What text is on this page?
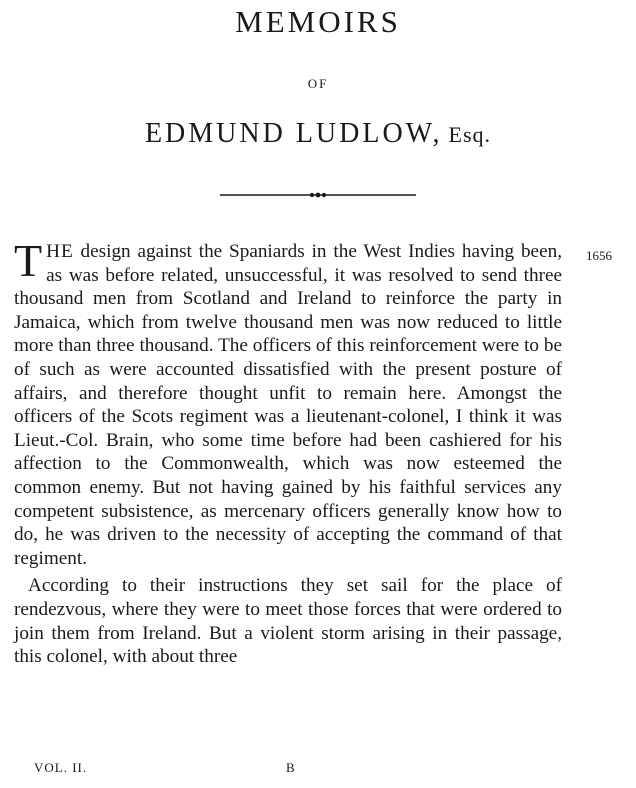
MEMOIRS
OF
EDMUND LUDLOW, Esq.
1656

THE design against the Spaniards in the West Indies having been, as was before related, unsuccessful, it was resolved to send three thousand men from Scotland and Ireland to reinforce the party in Jamaica, which from twelve thousand men was now reduced to little more than three thousand. The officers of this reinforcement were to be of such as were accounted dissatisfied with the present posture of affairs, and therefore thought unfit to remain here. Amongst the officers of the Scots regiment was a lieutenant-colonel, I think it was Lieut.-Col. Brain, who some time before had been cashiered for his affection to the Commonwealth, which was now esteemed the common enemy. But not having gained by his faithful services any competent subsistence, as mercenary officers generally know how to do, he was driven to the necessity of accepting the command of that regiment.

According to their instructions they set sail for the place of rendezvous, where they were to meet those forces that were ordered to join them from Ireland. But a violent storm arising in their passage, this colonel, with about three

VOL. II.	B
